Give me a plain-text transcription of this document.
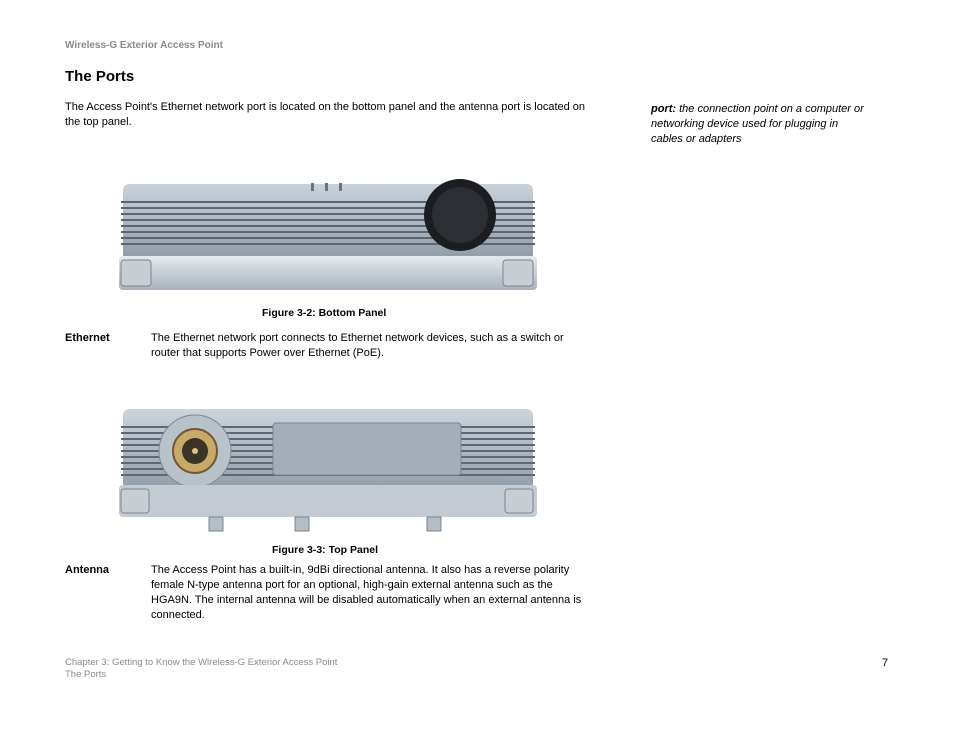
Wireless-G Exterior Access Point
The Ports
The Access Point's Ethernet network port is located on the bottom panel and the antenna port is located on the top panel.
port: the connection point on a computer or networking device used for plugging in cables or adapters
Figure 3-2: Bottom Panel
Ethernet	The Ethernet network port connects to Ethernet network devices, such as a switch or router that supports Power over Ethernet (PoE).
Figure 3-3: Top Panel
Antenna	The Access Point has a built-in, 9dBi directional antenna. It also has a reverse polarity female N-type antenna port for an optional, high-gain external antenna such as the HGA9N. The internal antenna will be disabled automatically when an external antenna is connected.
Chapter 3: Getting to Know the Wireless-G Exterior Access Point
The Ports
7
